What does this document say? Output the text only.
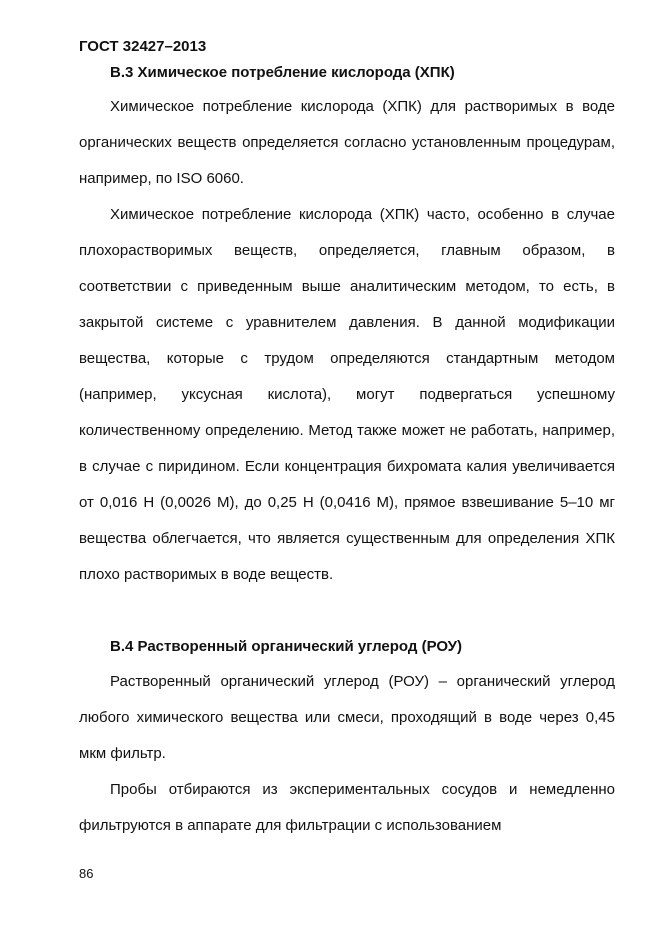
ГОСТ 32427–2013
В.3 Химическое потребление кислорода (ХПК)

Химическое потребление кислорода (ХПК) для растворимых в воде органических веществ определяется согласно установленным процедурам, например, по ISO 6060.

Химическое потребление кислорода (ХПК) часто, особенно в случае плохорастворимых веществ, определяется, главным образом, в соответствии с приведенным выше аналитическим методом, то есть, в закрытой системе с уравнителем давления. В данной модификации вещества, которые с трудом определяются стандартным методом (например, уксусная кислота), могут подвергаться успешному количественному определению. Метод также может не работать, например, в случае с пиридином. Если концентрация бихромата калия увеличивается от 0,016 Н (0,0026 М), до 0,25 Н (0,0416 М), прямое взвешивание 5–10 мг вещества облегчается, что является существенным для определения ХПК плохо растворимых в воде веществ.

В.4 Растворенный органический углерод (РОУ)

Растворенный органический углерод (РОУ) – органический углерод любого химического вещества или смеси, проходящий в воде через 0,45 мкм фильтр.

Пробы отбираются из экспериментальных сосудов и немедленно фильтруются в аппарате для фильтрации с использованием

86
